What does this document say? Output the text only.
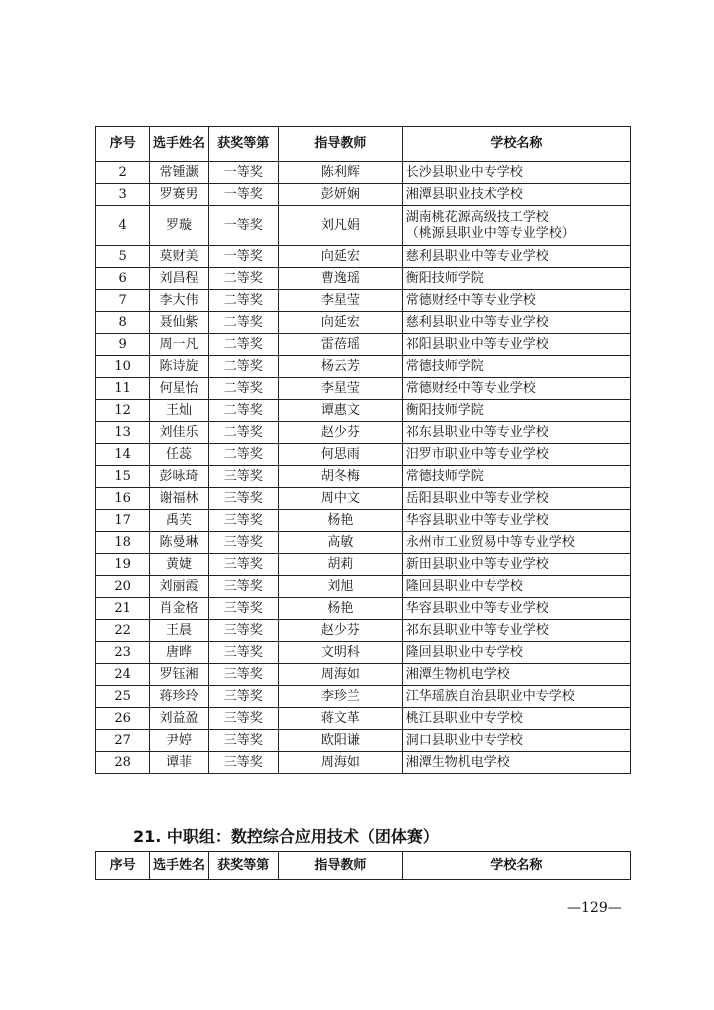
序号	选手姓名	获奖等第	指导教师	学校名称
2	常锺灏	一等奖	陈利辉	长沙县职业中专学校
3	罗赛男	一等奖	彭妍娴	湘潭县职业技术学校
4	罗璇	一等奖	刘凡娟	湖南桃花源高级技工学校
（桃源县职业中等专业学校）

5	莫财美	一等奖	向延宏	慈利县职业中等专业学校
6	刘昌程	二等奖	曹逸瑶	衡阳技师学院
7	李大伟	二等奖	李星莹	常德财经中等专业学校
8	聂仙紫	二等奖	向延宏	慈利县职业中等专业学校
9	周一凡	二等奖	雷蓓瑶	祁阳县职业中等专业学校
10	陈诗旋	二等奖	杨云芳	常德技师学院
11	何星怡	二等奖	李星莹	常德财经中等专业学校
12	王灿	二等奖	谭惠文	衡阳技师学院
13	刘佳乐	二等奖	赵少芬	祁东县职业中等专业学校
14	任蕊	二等奖	何思雨	汨罗市职业中等专业学校
15	彭咏琦	三等奖	胡冬梅	常德技师学院
16	谢福林	三等奖	周中文	岳阳县职业中等专业学校
17	禹芙	三等奖	杨艳	华容县职业中等专业学校
18	陈曼琳	三等奖	高敏	永州市工业贸易中等专业学校
19	黄婕	三等奖	胡莉	新田县职业中等专业学校
20	刘丽霞	三等奖	刘旭	隆回县职业中专学校
21	肖金格	三等奖	杨艳	华容县职业中等专业学校
22	王晨	三等奖	赵少芬	祁东县职业中等专业学校
23	唐晔	三等奖	文明科	隆回县职业中专学校
24	罗钰湘	三等奖	周海如	湘潭生物机电学校
25	蒋珍玲	三等奖	李珍兰	江华瑶族自治县职业中专学校
26	刘益盈	三等奖	蒋文革	桃江县职业中专学校
27	尹婷	三等奖	欧阳谦	洞口县职业中专学校
28	谭菲	三等奖	周海如	湘潭生物机电学校
21. 中职组：数控综合应用技术（团体赛）
序号	选手姓名	获奖等第	指导教师	学校名称
—129—
